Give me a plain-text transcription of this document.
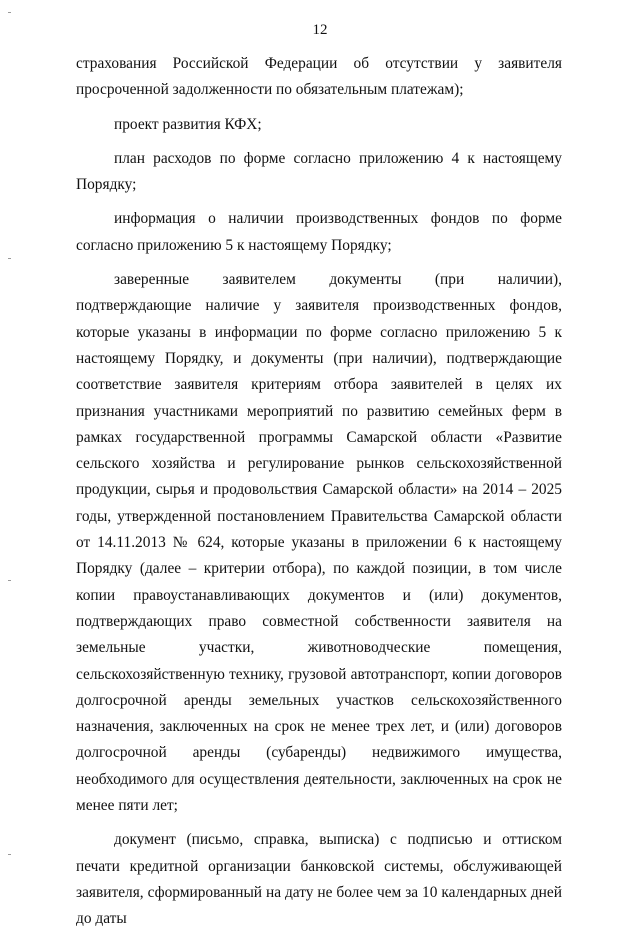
12

страхования Российской Федерации об отсутствии у заявителя просроченной задолженности по обязательным платежам);

проект развития КФХ;

план расходов по форме согласно приложению 4 к настоящему Порядку;

информация о наличии производственных фондов по форме согласно приложению 5 к настоящему Порядку;

заверенные заявителем документы (при наличии), подтверждающие наличие у заявителя производственных фондов, которые указаны в информации по форме согласно приложению 5 к настоящему Порядку, и документы (при наличии), подтверждающие соответствие заявителя критериям отбора заявителей в целях их признания участниками мероприятий по развитию семейных ферм в рамках государственной программы Самарской области «Развитие сельского хозяйства и регулирование рынков сельскохозяйственной продукции, сырья и продовольствия Самарской области» на 2014 – 2025 годы, утвержденной постановлением Правительства Самарской области от 14.11.2013 № 624, которые указаны в приложении 6 к настоящему Порядку (далее – критерии отбора), по каждой позиции, в том числе копии правоустанавливающих документов и (или) документов, подтверждающих право совместной собственности заявителя на земельные участки, животноводческие помещения, сельскохозяйственную технику, грузовой автотранспорт, копии договоров долгосрочной аренды земельных участков сельскохозяйственного назначения, заключенных на срок не менее трех лет, и (или) договоров долгосрочной аренды (субаренды) недвижимого имущества, необходимого для осуществления деятельности, заключенных на срок не менее пяти лет;

документ (письмо, справка, выписка) с подписью и оттиском печати кредитной организации банковской системы, обслуживающей заявителя, сформированный на дату не более чем за 10 календарных дней до даты
